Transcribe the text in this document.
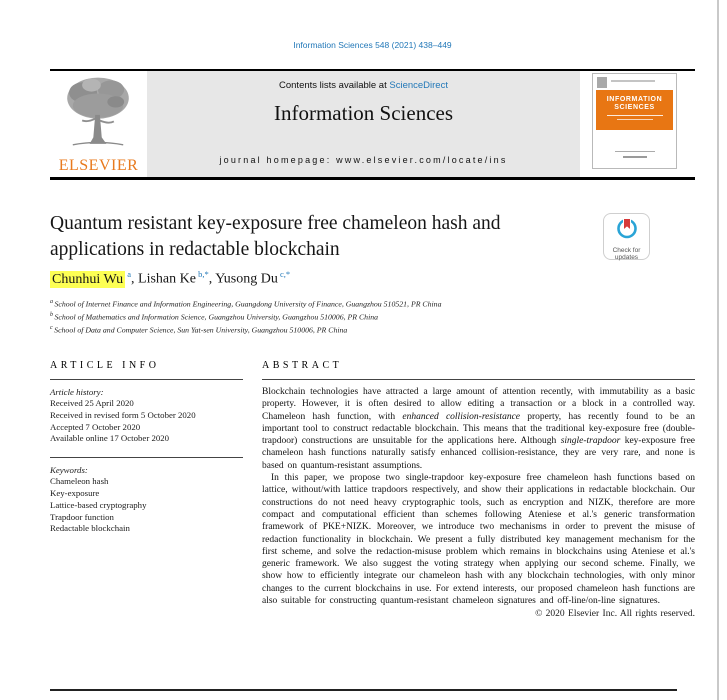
Information Sciences 548 (2021) 438–449
ELSEVIER
Contents lists available at ScienceDirect
Information Sciences
journal homepage: www.elsevier.com/locate/ins
INFORMATION
SCIENCES
Quantum resistant key-exposure free chameleon hash and
applications in redactable blockchain	Check for
updates
Chunhui Wu $^a$, Lishan Ke $^{b,*}$, Yusong Du $^{c,*}$
$^a$ School of Internet Finance and Information Engineering, Guangdong University of Finance, Guangzhou 510521, PR China
$^b$ School of Mathematics and Information Science, Guangzhou University, Guangzhou 510006, PR China
$^c$ School of Data and Computer Science, Sun Yat-sen University, Guangzhou 510006, PR China
ARTICLE INFO
Article history:
Received 25 April 2020
Received in revised form 5 October 2020
Accepted 7 October 2020
Available online 17 October 2020
Keywords:
Chameleon hash
Key-exposure
Lattice-based cryptography
Trapdoor function
Redactable blockchain
ABSTRACT

Blockchain technologies have attracted a large amount of attention recently, with immutability as a basic property. However, it is often desired to allow editing a transaction or a block in a controlled way. Chameleon hash function, with enhanced collision-resistance property, has recently found to be an important tool to construct redactable blockchain. This means that the traditional key-exposure free (double-trapdoor) constructions are unsuitable for the applications here. Although single-trapdoor key-exposure free chameleon hash functions naturally satisfy enhanced collision-resistance, they are very rare, and none is based on quantum-resistant assumptions.

In this paper, we propose two single-trapdoor key-exposure free chameleon hash functions based on lattice, without/with lattice trapdoors respectively, and show their applications in redactable blockchain. Our constructions do not need heavy cryptographic tools, such as encryption and NIZK, therefore are more compact and computational efficient than schemes following Ateniese et al.'s generic transformation framework of PKE+NIZK. Moreover, we introduce two mechanisms in order to prevent the misuse of redaction functionality in blockchain. We present a fully distributed key management mechanism for the first scheme, and solve the redaction-misuse problem which remains in blockchains using Ateniese et al.'s generic framework. We also suggest the voting strategy when applying our second scheme. Finally, we show how to efficiently integrate our chameleon hash with any blockchain technologies, with only minor changes to the current blockchains in use. For extend interests, our proposed chameleon hash functions are also suitable for constructing quantum-resistant chameleon signatures and off-line/on-line signatures.

© 2020 Elsevier Inc. All rights reserved.
